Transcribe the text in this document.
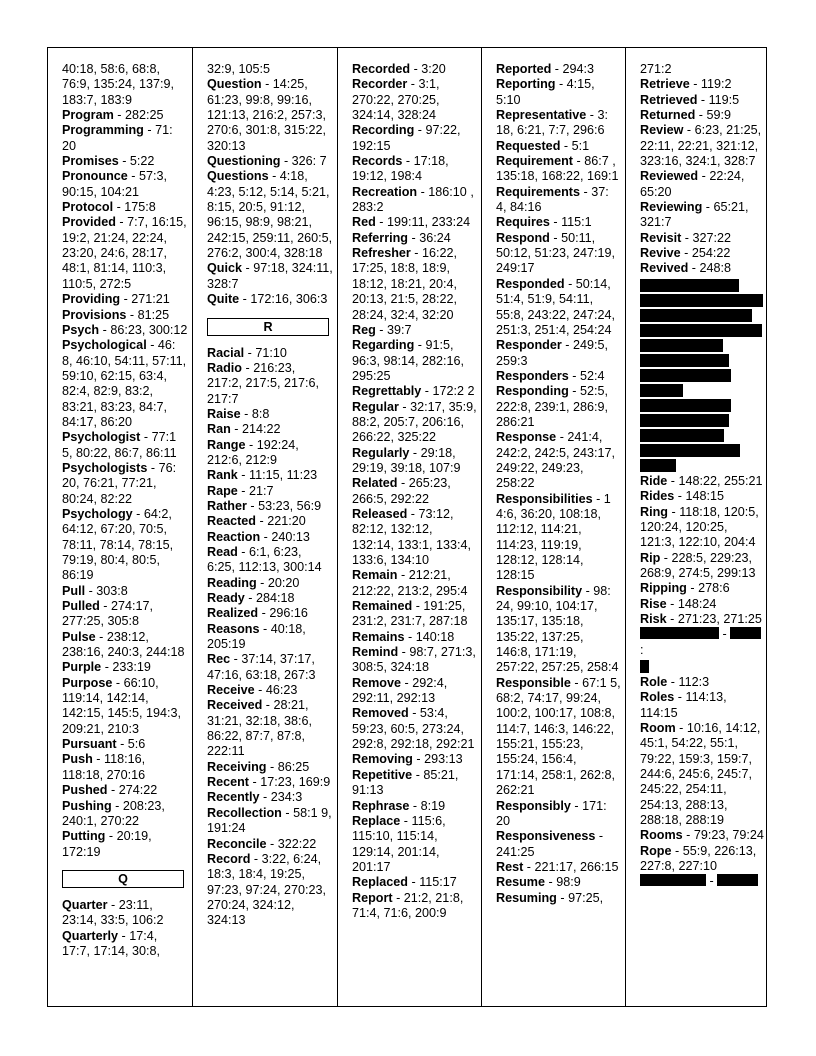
40:18, 58:6, 68:8, 76:9, 135:24, 137:9, 183:7, 183:9

Program - 282:25

Programming - 71: 20

Promises - 5:22

Pronounce - 57:3, 90:15, 104:21

Protocol - 175:8

Provided - 7:7, 16:15, 19:2, 21:24, 22:24, 23:20, 24:6, 28:17, 48:1, 81:14, 110:3, 110:5, 272:5

Providing - 271:21

Provisions - 81:25

Psych - 86:23, 300:12

Psychological - 46: 8, 46:10, 54:11, 57:11, 59:10, 62:15, 63:4, 82:4, 82:9, 83:2, 83:21, 83:23, 84:7, 84:17, 86:20

Psychologist - 77:1 5, 80:22, 86:7, 86:11

Psychologists - 76: 20, 76:21, 77:21, 80:24, 82:22

Psychology - 64:2, 64:12, 67:20, 70:5, 78:11, 78:14, 78:15, 79:19, 80:4, 80:5, 86:19

Pull - 303:8

Pulled - 274:17, 277:25, 305:8

Pulse - 238:12, 238:16, 240:3, 244:18

Purple - 233:19

Purpose - 66:10, 119:14, 142:14, 142:15, 145:5, 194:3, 209:21, 210:3

Pursuant - 5:6

Push - 118:16, 118:18, 270:16

Pushed - 274:22

Pushing - 208:23, 240:1, 270:22

Putting - 20:19, 172:19

Q

Quarter - 23:11, 23:14, 33:5, 106:2

Quarterly - 17:4, 17:7, 17:14, 30:8,

32:9, 105:5

Question - 14:25, 61:23, 99:8, 99:16, 121:13, 216:2, 257:3, 270:6, 301:8, 315:22, 320:13

Questioning - 326: 7

Questions - 4:18, 4:23, 5:12, 5:14, 5:21, 8:15, 20:5, 91:12, 96:15, 98:9, 98:21, 242:15, 259:11, 260:5, 276:2, 300:4, 328:18

Quick - 97:18, 324:11, 328:7

Quite - 172:16, 306:3

R

Racial - 71:10

Radio - 216:23, 217:2, 217:5, 217:6, 217:7

Raise - 8:8

Ran - 214:22

Range - 192:24, 212:6, 212:9

Rank - 11:15, 11:23

Rape - 21:7

Rather - 53:23, 56:9

Reacted - 221:20

Reaction - 240:13

Read - 6:1, 6:23, 6:25, 112:13, 300:14

Reading - 20:20

Ready - 284:18

Realized - 296:16

Reasons - 40:18, 205:19

Rec - 37:14, 37:17, 47:16, 63:18, 267:3

Receive - 46:23

Received - 28:21, 31:21, 32:18, 38:6, 86:22, 87:7, 87:8, 222:11

Receiving - 86:25

Recent - 17:23, 169:9

Recently - 234:3

Recollection - 58:1 9, 191:24

Reconcile - 322:22

Record - 3:22, 6:24, 18:3, 18:4, 19:25, 97:23, 97:24, 270:23, 270:24, 324:12, 324:13

Recorded - 3:20

Recorder - 3:1, 270:22, 270:25, 324:14, 328:24

Recording - 97:22, 192:15

Records - 17:18, 19:12, 198:4

Recreation - 186:10 , 283:2

Red - 199:11, 233:24

Referring - 36:24

Refresher - 16:22, 17:25, 18:8, 18:9, 18:12, 18:21, 20:4, 20:13, 21:5, 28:22, 28:24, 32:4, 32:20

Reg - 39:7

Regarding - 91:5, 96:3, 98:14, 282:16, 295:25

Regrettably - 172:2 2

Regular - 32:17, 35:9, 88:2, 205:7, 206:16, 266:22, 325:22

Regularly - 29:18, 29:19, 39:18, 107:9

Related - 265:23, 266:5, 292:22

Released - 73:12, 82:12, 132:12, 132:14, 133:1, 133:4, 133:6, 134:10

Remain - 212:21, 212:22, 213:2, 295:4

Remained - 191:25, 231:2, 231:7, 287:18

Remains - 140:18

Remind - 98:7, 271:3, 308:5, 324:18

Remove - 292:4, 292:11, 292:13

Removed - 53:4, 59:23, 60:5, 273:24, 292:8, 292:18, 292:21

Removing - 293:13

Repetitive - 85:21, 91:13

Rephrase - 8:19

Replace - 115:6, 115:10, 115:14, 129:14, 201:14, 201:17

Replaced - 115:17

Report - 21:2, 21:8, 71:4, 71:6, 200:9

Reported - 294:3

Reporting - 4:15, 5:10

Representative - 3: 18, 6:21, 7:7, 296:6

Requested - 5:1

Requirement - 86:7 , 135:18, 168:22, 169:1

Requirements - 37: 4, 84:16

Requires - 115:1

Respond - 50:11, 50:12, 51:23, 247:19, 249:17

Responded - 50:14, 51:4, 51:9, 54:11, 55:8, 243:22, 247:24, 251:3, 251:4, 254:24

Responder - 249:5, 259:3

Responders - 52:4

Responding - 52:5, 222:8, 239:1, 286:9, 286:21

Response - 241:4, 242:2, 242:5, 243:17, 249:22, 249:23, 258:22

Responsibilities - 1 4:6, 36:20, 108:18, 112:12, 114:21, 114:23, 119:19, 128:12, 128:14, 128:15

Responsibility - 98: 24, 99:10, 104:17, 135:17, 135:18, 135:22, 137:25, 146:8, 171:19, 257:22, 257:25, 258:4

Responsible - 67:1 5, 68:2, 74:17, 99:24, 100:2, 100:17, 108:8, 114:7, 146:3, 146:22, 155:21, 155:23, 155:24, 156:4, 171:14, 258:1, 262:8, 262:21

Responsibly - 171: 20

Responsiveness - 241:25

Rest - 221:17, 266:15

Resume - 98:9

Resuming - 97:25,

271:2

Retrieve - 119:2

Retrieved - 119:5

Returned - 59:9

Review - 6:23, 21:25, 22:11, 22:21, 321:12, 323:16, 324:1, 328:7

Reviewed - 22:24, 65:20

Reviewing - 65:21, 321:7

Revisit - 327:22

Revive - 254:22

Revived - 248:8

Ride - 148:22, 255:21

Rides - 148:15

Ring - 118:18, 120:5, 120:24, 120:25, 121:3, 122:10, 204:4

Rip - 228:5, 229:23, 268:9, 274:5, 299:13

Ripping - 278:6

Rise - 148:24

Risk - 271:23, 271:25

- :

Role - 112:3

Roles - 114:13, 114:15

Room - 10:16, 14:12, 45:1, 54:22, 55:1, 79:22, 159:3, 159:7, 244:6, 245:6, 245:7, 245:22, 254:11, 254:13, 288:13, 288:18, 288:19

Rooms - 79:23, 79:24

Rope - 55:9, 226:13, 227:8, 227:10

-
